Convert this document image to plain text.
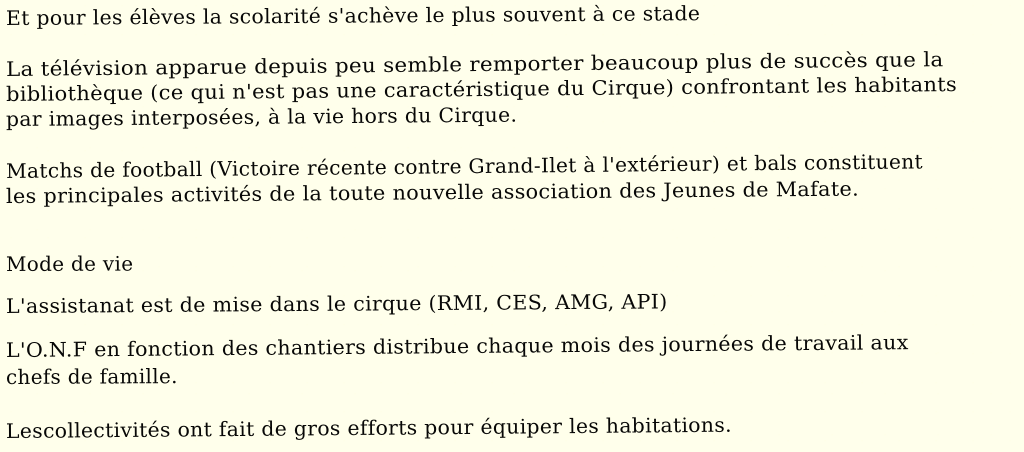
Et pour les élèves la scolarité s'achève le plus souvent à ce stade
La télévision apparue depuis peu semble remporter beaucoup plus de succès que la
bibliothèque (ce qui n'est pas une caractéristique du Cirque) confrontant les habitants
par images interposées, à la vie hors du Cirque.
Matchs de football (Victoire récente contre Grand-Ilet à l'extérieur) et bals constituent
les principales activités de la toute nouvelle association des Jeunes de Mafate.
Mode de vie
L'assistanat est de mise dans le cirque (RMI, CES, AMG, API)
L'O.N.F en fonction des chantiers distribue chaque mois des journées de travail aux
chefs de famille.
Lescollectivités ont fait de gros efforts pour équiper les habitations.
